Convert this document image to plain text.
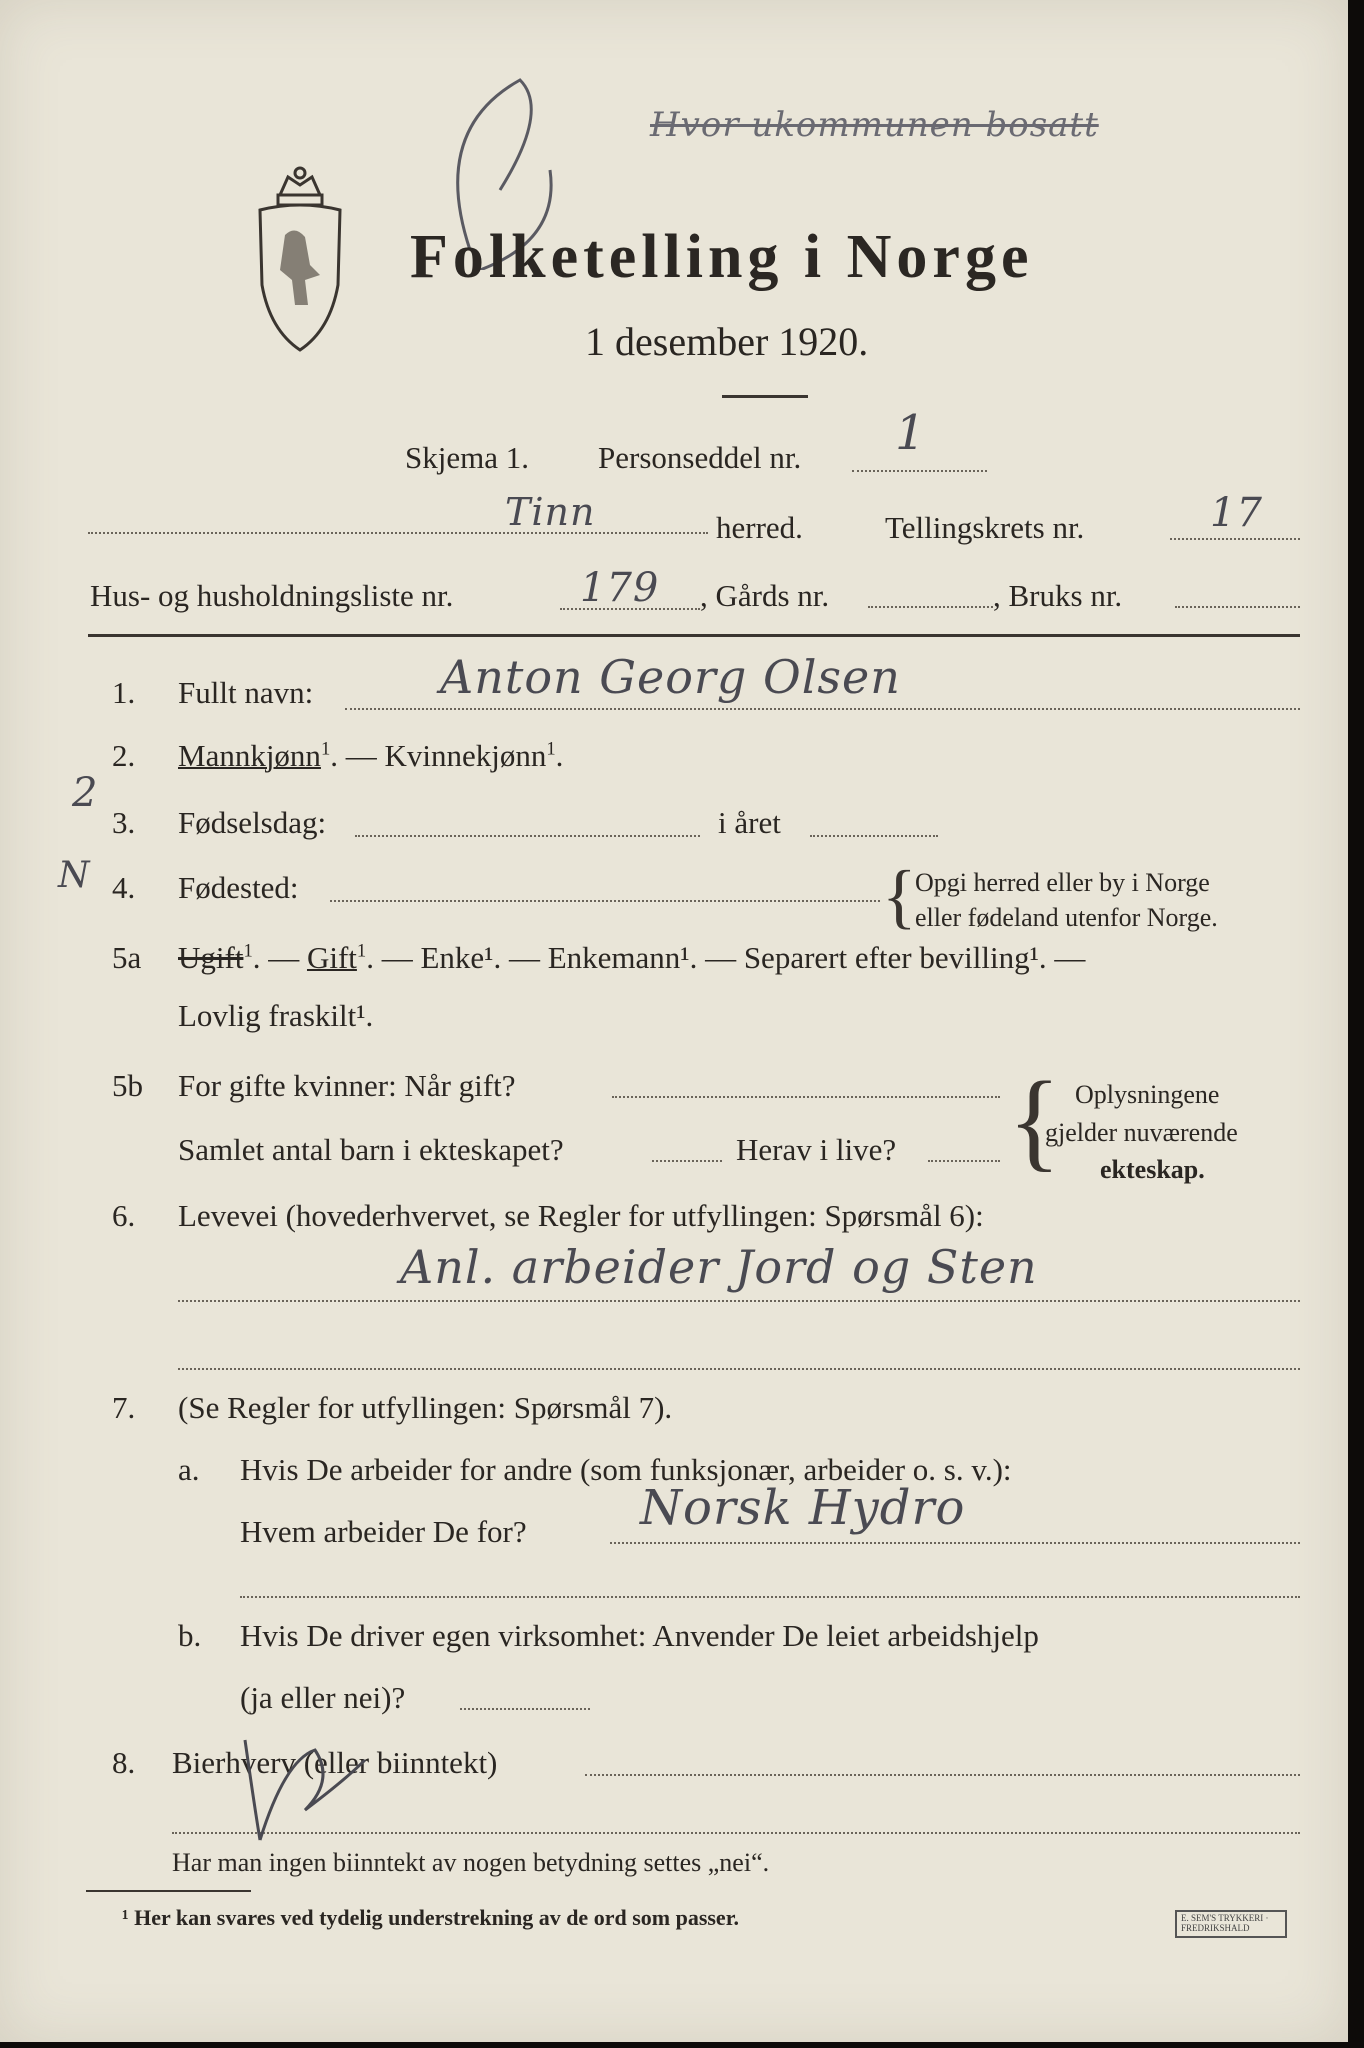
Hvor ukommunen bosatt
Folketelling i Norge
1 desember 1920.
Skjema 1. Personseddel nr. 1
Tinn	herred.	Tellingskrets nr.	17
Hus- og husholdningsliste nr.	179 , Gårds nr.	, Bruks nr.
1. Fullt navn:	Anton Georg Olsen
2. Mannkjønn$^1$. — Kvinnekjønn$^1$.
2
N
3. Fødselsdag:	i året
4. Fødested:	{
Opgi herred eller by i Norge
eller fødeland utenfor Norge.
5a Ugift$^1$. — Gift$^1$. — Enke¹. — Enkemann¹. — Separert efter bevilling¹. —
Lovlig fraskilt¹.
5b For gifte kvinner: Når gift?
Samlet antal barn i ekteskapet?	Herav i live? { Oplysningene
gjelder nuværende
ekteskap.
6. Levevei (hovederhvervet, se Regler for utfyllingen: Spørsmål 6):
Anl. arbeider Jord og Sten
7. (Se Regler for utfyllingen: Spørsmål 7).
a. Hvis De arbeider for andre (som funksjonær, arbeider o. s. v.):
Hvem arbeider De for? Norsk Hydro
b. Hvis De driver egen virksomhet: Anvender De leiet arbeidshjelp
(ja eller nei)?
8. Bierhverv (eller biinntekt)
Har man ingen biinntekt av nogen betydning settes „nei“.
¹ Her kan svares ved tydelig understrekning av de ord som passer.	E. SEM'S TRYKKERI · FREDRIKSHALD
